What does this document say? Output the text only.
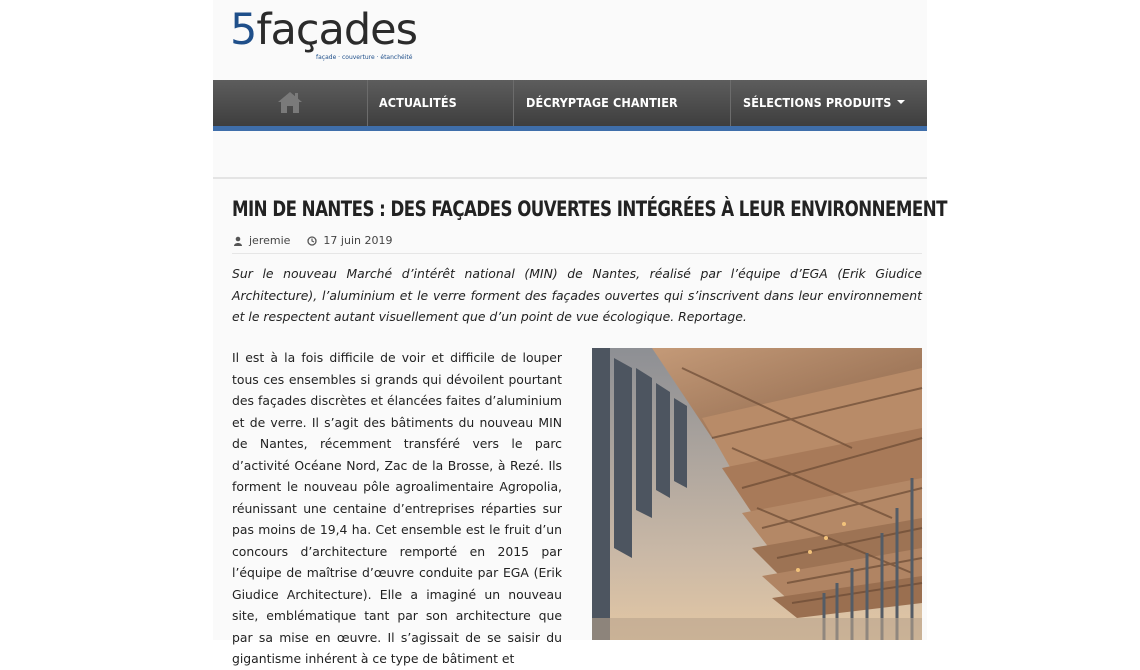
5façades
façade · couverture · étanchéité
ACTUALITÉS	DÉCRYPTAGE CHANTIER	SÉLECTIONS PRODUITS
MIN DE NANTES : DES FAÇADES OUVERTES INTÉGRÉES À LEUR ENVIRONNEMENT
jeremie	17 juin 2019

Sur le nouveau Marché d’intérêt national (MIN) de Nantes, réalisé par l’équipe d’EGA (Erik Giudice Architecture), l’aluminium et le verre forment des façades ouvertes qui s’inscrivent dans leur environnement et le respectent autant visuellement que d’un point de vue écologique. Reportage.

Il est à la fois difficile de voir et difficile de louper tous ces ensembles si grands qui dévoilent pourtant des façades discrètes et élancées faites d’aluminium et de verre. Il s’agit des bâtiments du nouveau MIN de Nantes, récemment transféré vers le parc d’activité Océane Nord, Zac de la Brosse, à Rezé. Ils forment le nouveau pôle agroalimentaire Agropolia, réunissant une centaine d’entreprises réparties sur pas moins de 19,4 ha. Cet ensemble est le fruit d’un concours d’architecture remporté en 2015 par l’équipe de maîtrise d’œuvre conduite par EGA (Erik Giudice Architecture). Elle a imaginé un nouveau site, emblématique tant par son architecture que par sa mise en œuvre. Il s’agissait de se saisir du gigantisme inhérent à ce type de bâtiment et
